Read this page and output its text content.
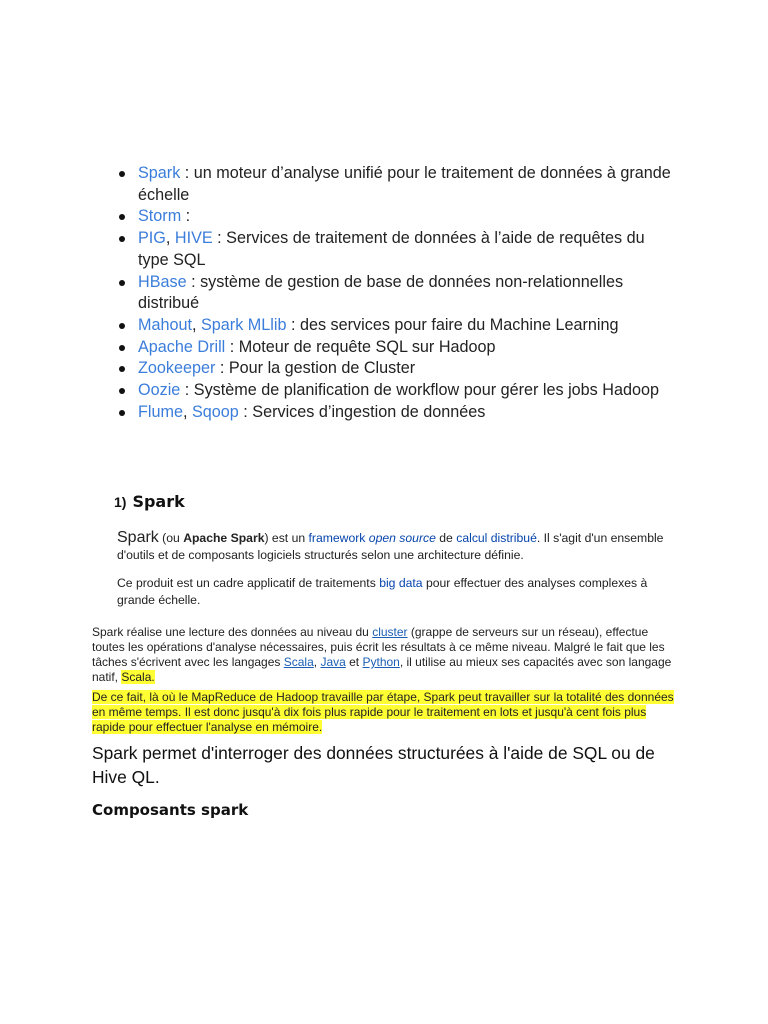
Spark : un moteur d’analyse unifié pour le traitement de données à grande échelle
Storm :
PIG, HIVE : Services de traitement de données à l’aide de requêtes du type SQL
HBase : système de gestion de base de données non-relationnelles distribué
Mahout, Spark MLlib : des services pour faire du Machine Learning
Apache Drill : Moteur de requête SQL sur Hadoop
Zookeeper : Pour la gestion de Cluster
Oozie : Système de planification de workflow pour gérer les jobs Hadoop
Flume, Sqoop : Services d’ingestion de données
1) Spark

Spark (ou Apache Spark) est un framework open source de calcul distribué. Il s'agit d'un ensemble d'outils et de composants logiciels structurés selon une architecture définie.

Ce produit est un cadre applicatif de traitements big data pour effectuer des analyses complexes à grande échelle.

Spark réalise une lecture des données au niveau du cluster (grappe de serveurs sur un réseau), effectue toutes les opérations d'analyse nécessaires, puis écrit les résultats à ce même niveau. Malgré le fait que les tâches s'écrivent avec les langages Scala, Java et Python, il utilise au mieux ses capacités avec son langage natif, Scala.

De ce fait, là où le MapReduce de Hadoop travaille par étape, Spark peut travailler sur la totalité des données en même temps. Il est donc jusqu'à dix fois plus rapide pour le traitement en lots et jusqu'à cent fois plus rapide pour effectuer l'analyse en mémoire.

Spark permet d'interroger des données structurées à l'aide de SQL ou de Hive QL.

Composants spark
